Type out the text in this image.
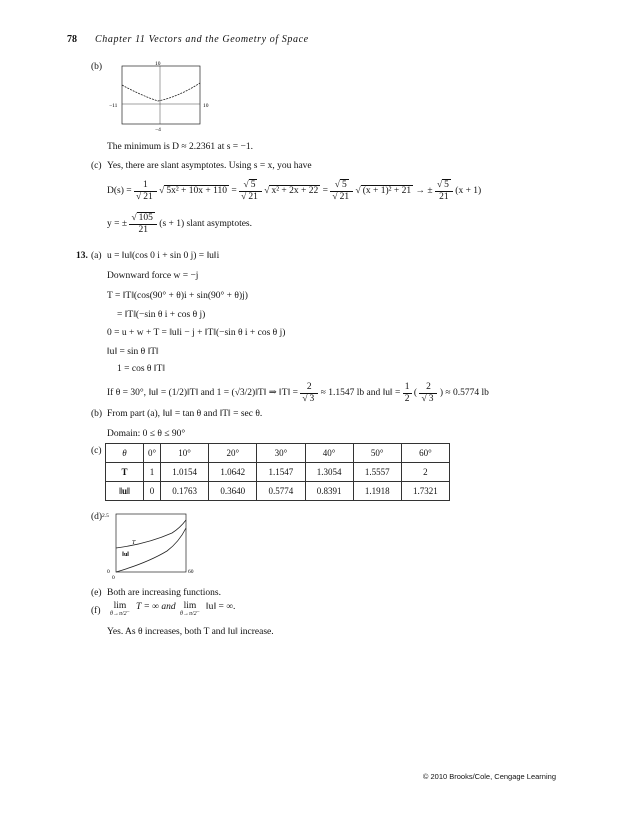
78 Chapter 11 Vectors and the Geometry of Space
(b)	10
−11	10
−4
The minimum is D ≈ 2.2361 at s = −1.
(c) Yes, there are slant asymptotes. Using s = x, you have
$D(s) = \frac{1}{√ 21}$ √ $5x^2 + 10x + 110 = \frac{√ 5}{√ 21}$ √ $x^2 + 2x + 22 = \frac{√ 5}{√ 21}$ √ (x + 1)² + 21 → ± $\frac{√ 5}{21} (x + 1)$
y = ± $\frac{√ 105}{21} (s + 1)$ slant asymptotes.
13. (a) u = ‖u‖(cos 0 i + sin 0 j) = ‖u‖i
Downward force w = −j
T = ‖T‖(cos(90° + θ)i + sin(90° + θ)j)
= ‖T‖(−sin θ i + cos θ j)
0 = u + w + T = ‖u‖i − j + ‖T‖(−sin θ i + cos θ j)
‖u‖ = sin θ ‖T‖
1 = cos θ ‖T‖
If θ = 30°, ‖u‖ = (1/2)‖T‖ and 1 = (√3/2)‖T‖ ⇒ ‖T‖ = $\frac{2}{√ 3} \approx 1.1547$ lb and ‖u‖ = $\frac{1}{2}$ ( $\frac{2}{√ 3}$ ) ≈ 0.5774 lb
(b) From part (a), ‖u‖ = tan θ and ‖T‖ = sec θ.
Domain: 0 ≤ θ ≤ 90°
(c) θ	0°	10°	20°	30°	40°	50°	60°
T	1	1.0154	1.0642	1.1547	1.3054	1.5557	2
‖u‖	0	0.1763	0.3640	0.5774	0.8391	1.1918	1.7321
(d) 2.5
0
0
60
T
‖u‖
(e) Both are increasing functions.
(f)	lim
θ→π/2⁻
T = ∞ and lim
θ→π/2⁻
‖u‖ = ∞.
Yes. As θ increases, both T and ‖u‖ increase.
© 2010 Brooks/Cole, Cengage Learning
